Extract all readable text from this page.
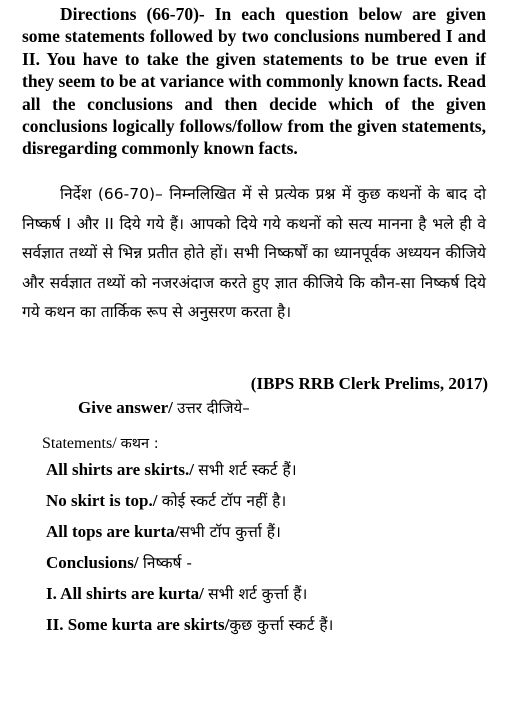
Directions (66-70)- In each question below are given some statements followed by two conclusions numbered I and II. You have to take the given statements to be true even if they seem to be at variance with commonly known facts. Read all the conclusions and then decide which of the given conclusions logically follows/follow from the given statements, disregarding commonly known facts.

निर्देश (66-70)– निम्नलिखित में से प्रत्येक प्रश्न में कुछ कथनों के बाद दो निष्कर्ष I और II दिये गये हैं। आपको दिये गये कथनों को सत्य मानना है भले ही वे सर्वज्ञात तथ्यों से भिन्न प्रतीत होते हों। सभी निष्कर्षों का ध्यानपूर्वक अध्ययन कीजिये और सर्वज्ञात तथ्यों को नजरअंदाज करते हुए ज्ञात कीजिये कि कौन-सा निष्कर्ष दिये गये कथन का तार्किक रूप से अनुसरण करता है।

(IBPS RRB Clerk Prelims, 2017)

Give answer/ उत्तर दीजिये–

Statements/ कथन :

All shirts are skirts./ सभी शर्ट स्कर्ट हैं।

No skirt is top./ कोई स्कर्ट टॉप नहीं है।

All tops are kurta/सभी टॉप कुर्त्ता हैं।

Conclusions/ निष्कर्ष -

I. All shirts are kurta/ सभी शर्ट कुर्त्ता हैं।

II. Some kurta are skirts/कुछ कुर्त्ता स्कर्ट हैं।
